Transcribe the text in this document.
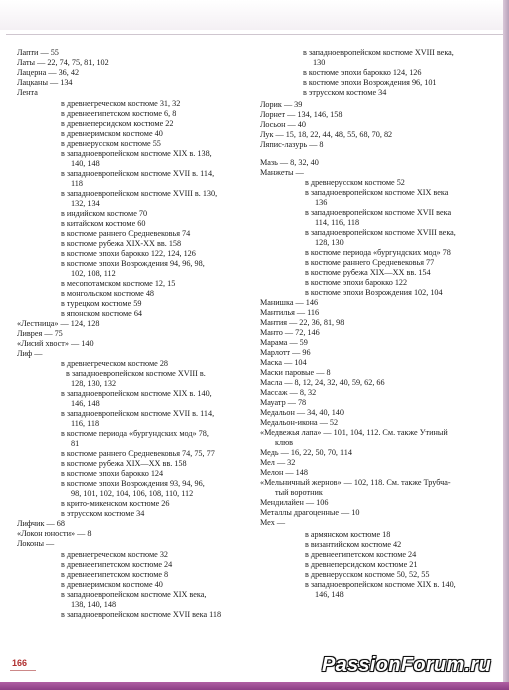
Лапти — 55
Латы — 22, 74, 75, 81, 102
Лацерна — 36, 42
Лацканы — 134
Лента
в древнегреческом костюме 31, 32
в древнеегипетском костюме 6, 8
в древнеперсидском костюме 22
в древнеримском костюме 40
в древнерусском костюме 55
в западноевропейском костюме XIX в. 138,
140, 148
в западноевропейском костюме XVII в. 114,
118
в западноевропейском костюме XVIII в. 130,
132, 134
в индийском костюме 70
в китайском костюме 60
в костюме раннего Средневековья 74
в костюме рубежа XIX-XX вв. 158
в костюме эпохи барокко 122, 124, 126
в костюме эпохи Возрождения 94, 96, 98,
102, 108, 112
в месопотамском костюме 12, 15
в монгольском костюме 48
в турецком костюме 59
в японском костюме 64
«Лестница» — 124, 128
Ливрея — 75
«Лисий хвост» — 140
Лиф —
в древнегреческом костюме 28
в западноевропейском костюме XVIII в.
128, 130, 132
в западноевропейском костюме XIX в. 140,
146, 148
в западноевропейском костюме XVII в. 114,
116, 118
в костюме периода «бургундских мод» 78,
81
в костюме раннего Средневековья 74, 75, 77
в костюме рубежа XIX—XX вв. 158
в костюме эпохи барокко 124
в костюме эпохи Возрождения 93, 94, 96,
98, 101, 102, 104, 106, 108, 110, 112
в крито-микенском костюме 26
в этрусском костюме 34
Лифчик — 68
«Локон юности» — 8
Локоны —
в древнегреческом костюме 32
в древнеегипетском костюме 24
в древнеегипетском костюме 8
в древнеримском костюме 40
в западноевропейском костюме XIX века,
138, 140, 148
в западноевропейском костюме XVII века 118
в западноевропейском костюме XVIII века,
130
в костюме эпохи барокко 124, 126
в костюме эпохи Возрождения 96, 101
в этрусском костюме 34
Лорик — 39
Лорнет — 134, 146, 158
Лосьон — 40
Лук — 15, 18, 22, 44, 48, 55, 68, 70, 82
Ляпис-лазурь — 8
Мазь — 8, 32, 40
Манжеты —
в древнерусском костюме 52
в западноевропейском костюме XIX века
136
в западноевропейском костюме XVII века
114, 116, 118
в западноевропейском костюме XVIII века,
128, 130
в костюме периода «бургундских мод» 78
в костюме раннего Средневековья 77
в костюме рубежа XIX—XX вв. 154
в костюме эпохи барокко 122
в костюме эпохи Возрождения 102, 104
Манишка — 146
Мантилья — 116
Мантия — 22, 36, 81, 98
Манто — 72, 146
Марама — 59
Марлотт — 96
Маска — 104
Маски паровые — 8
Масла — 8, 12, 24, 32, 40, 59, 62, 66
Массаж — 8, 32
Мауатр — 78
Медальон — 34, 40, 140
Медальон-икона — 52
«Медвежья лапа» — 101, 104, 112. См. также Утиный
клюв
Медь — 16, 22, 50, 70, 114
Мел — 32
Мелон — 148
«Мельничный жернов» — 102, 118. См. также Трубча-
тый воротник
Мендилайен — 106
Металлы драгоценные — 10
Мех —
в армянском костюме 18
в византийском костюме 42
в древнеегипетском костюме 24
в древнеперсидском костюме 21
в древнерусском костюме 50, 52, 55
в западноевропейском костюме XIX в. 140,
146, 148
166	PassionForum.ru
